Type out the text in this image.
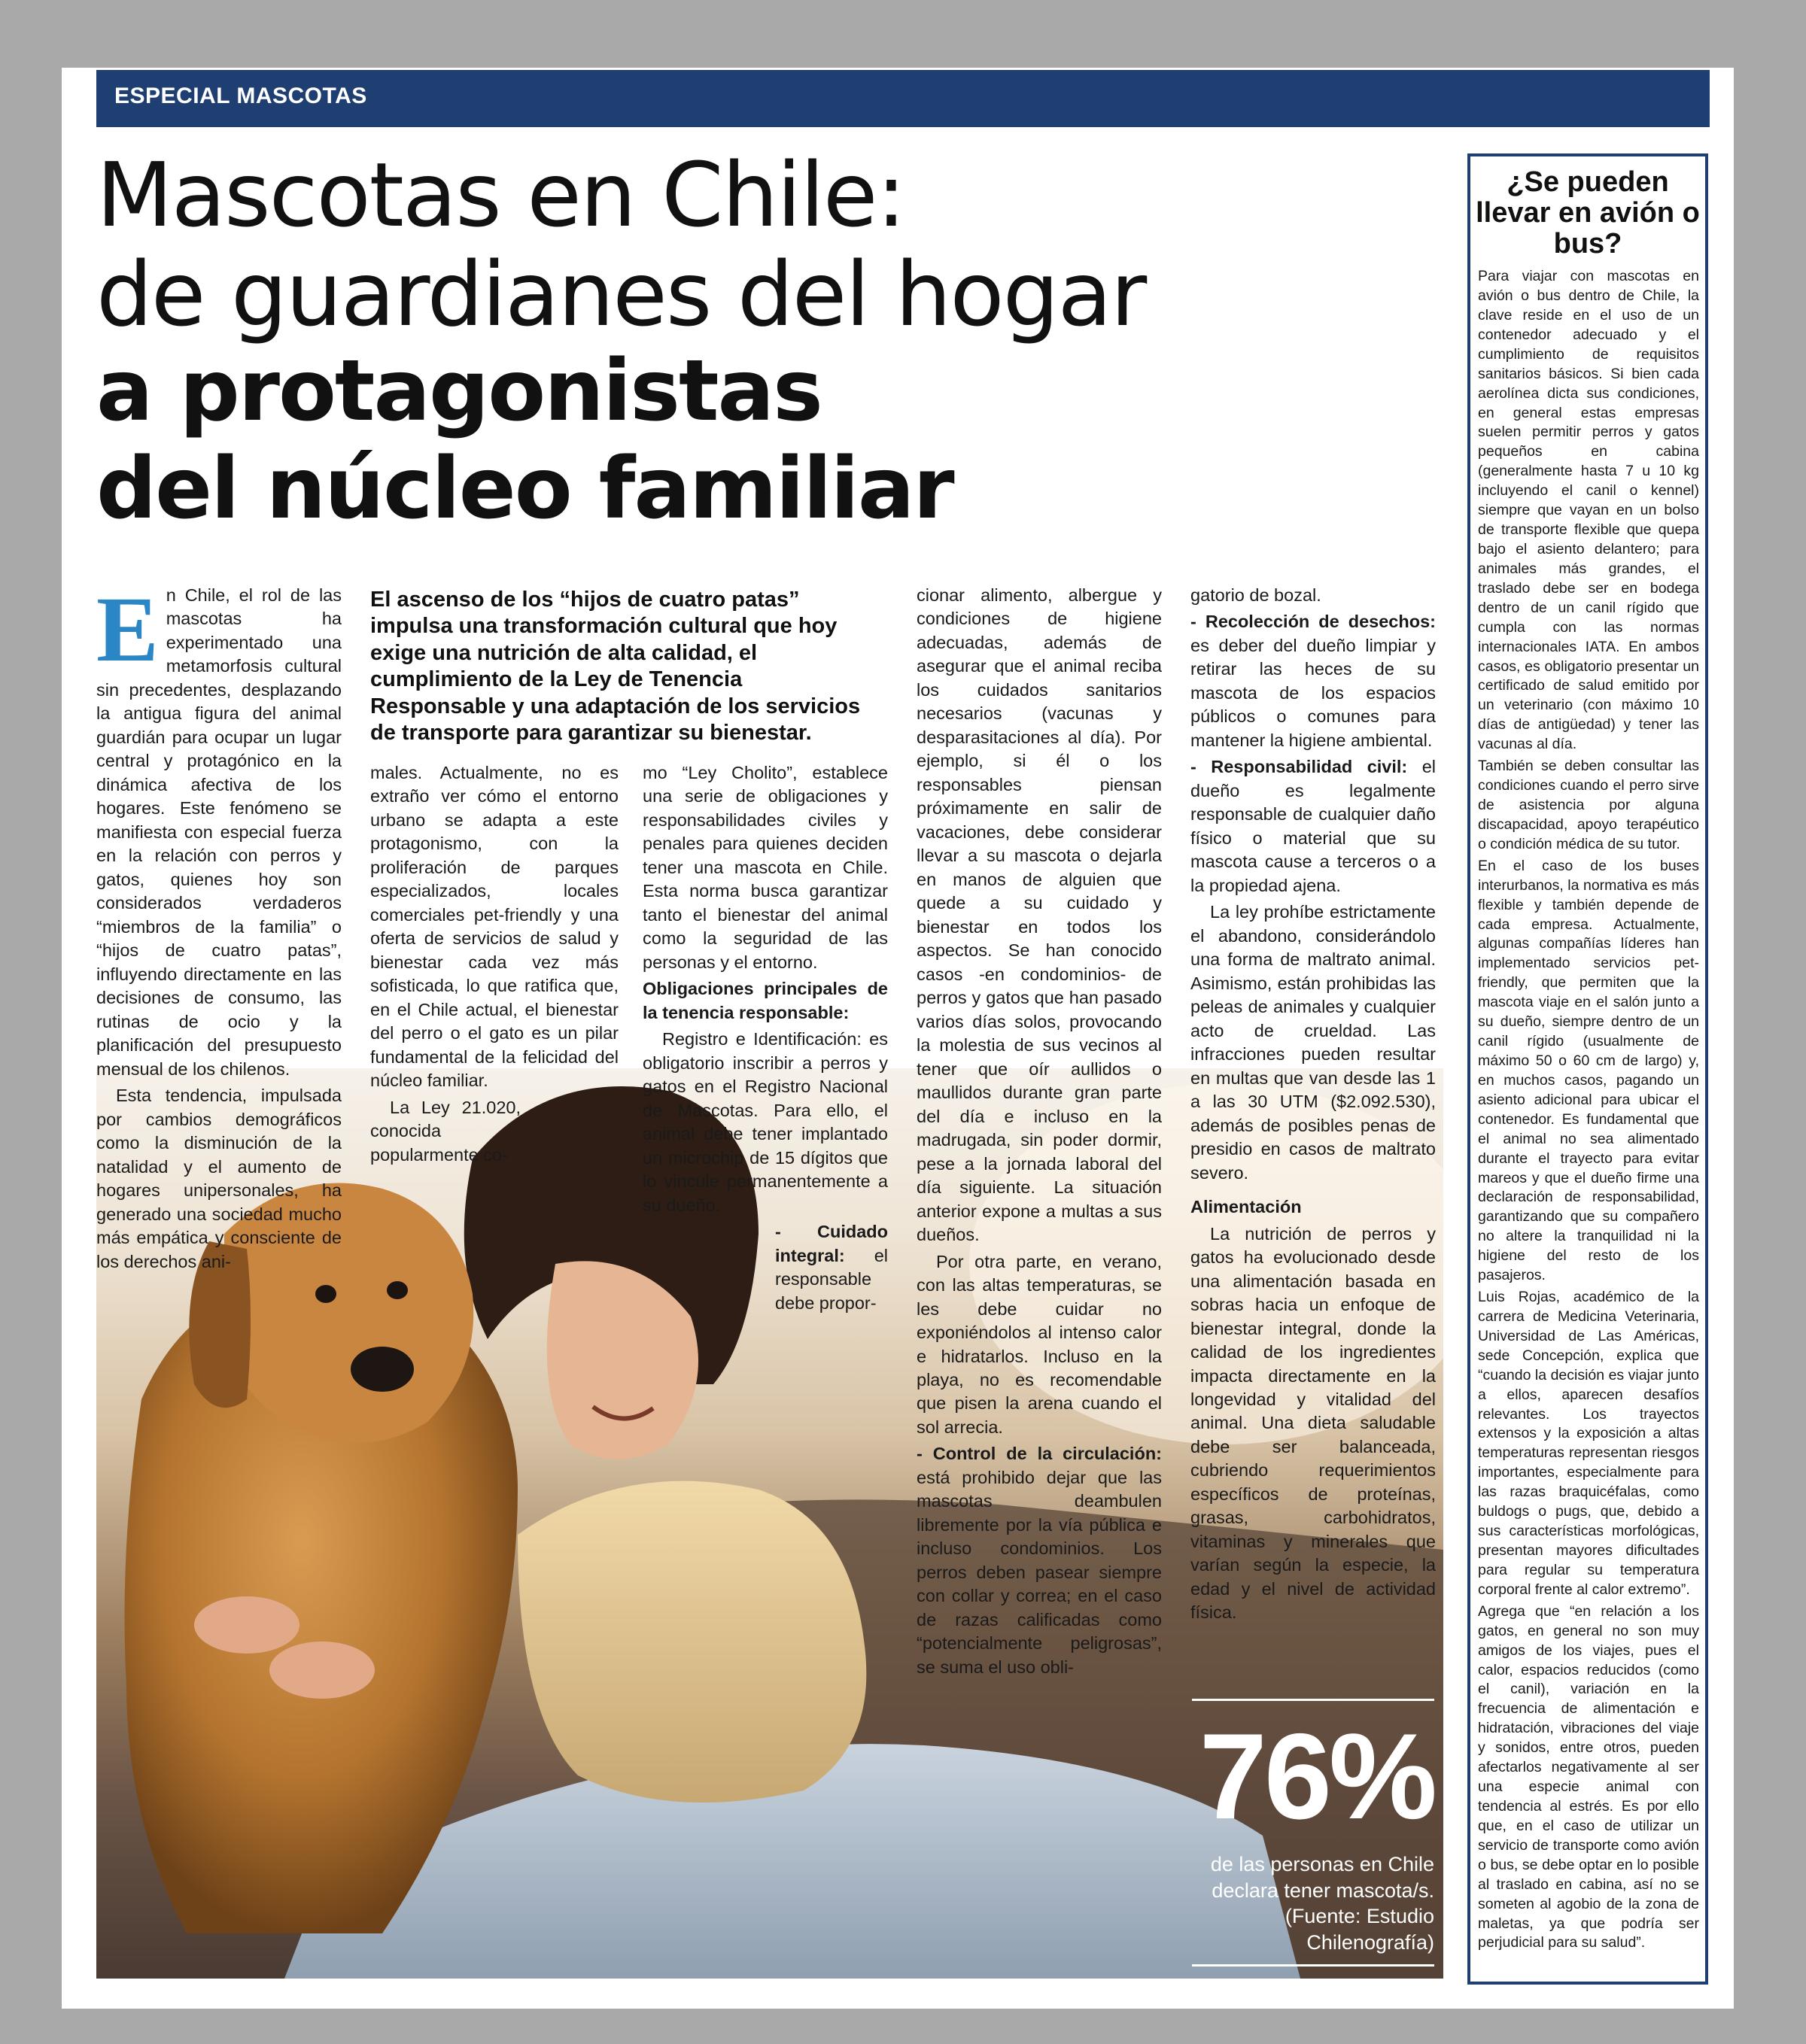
ESPECIAL MASCOTAS
Mascotas en Chile:
de guardianes del hogar
a protagonistas
del núcleo familiar
El ascenso de los “hijos de cuatro patas” impulsa una transformación cultural que hoy exige una nutrición de alta calidad, el cumplimiento de la Ley de Tenencia Responsable y una adaptación de los servicios de transporte para garantizar su bienestar.

En Chile, el rol de las mascotas ha experimentado una metamorfosis cultural sin precedentes, desplazando la antigua figura del animal guardián para ocupar un lugar central y protagónico en la dinámica afectiva de los hogares. Este fenómeno se manifiesta con especial fuerza en la relación con perros y gatos, quienes hoy son considerados verdaderos “miembros de la familia” o “hijos de cuatro patas”, influyendo directamente en las decisiones de consumo, las rutinas de ocio y la planificación del presupuesto mensual de los chilenos.

Esta tendencia, impulsada por cambios demográficos como la disminución de la natalidad y el aumento de hogares unipersonales, ha generado una sociedad mucho más empática y consciente de los derechos ani-

males. Actualmente, no es extraño ver cómo el entorno urbano se adapta a este protagonismo, con la proliferación de parques especializados, locales comerciales pet-friendly y una oferta de servicios de salud y bienestar cada vez más sofisticada, lo que ratifica que, en el Chile actual, el bienestar del perro o el gato es un pilar fundamental de la felicidad del núcleo familiar.

La Ley 21.020, conocida popularmente co-

mo “Ley Cholito”, establece una serie de obligaciones y responsabilidades civiles y penales para quienes deciden tener una mascota en Chile. Esta norma busca garantizar tanto el bienestar del animal como la seguridad de las personas y el entorno.

Obligaciones principales de la tenencia responsable:

Registro e Identificación: es obligatorio inscribir a perros y gatos en el Registro Nacional de Mascotas. Para ello, el animal debe tener implantado un microchip de 15 dígitos que lo vincule permanentemente a su dueño.

- Cuidado integral: el responsable debe propor-

cionar alimento, albergue y condiciones de higiene adecuadas, además de asegurar que el animal reciba los cuidados sanitarios necesarios (vacunas y desparasitaciones al día). Por ejemplo, si él o los responsables piensan próximamente en salir de vacaciones, debe considerar llevar a su mascota o dejarla en manos de alguien que quede a su cuidado y bienestar en todos los aspectos. Se han conocido casos -en condominios- de perros y gatos que han pasado varios días solos, provocando la molestia de sus vecinos al tener que oír aullidos o maullidos durante gran parte del día e incluso en la madrugada, sin poder dormir, pese a la jornada laboral del día siguiente. La situación anterior expone a multas a sus dueños.

Por otra parte, en verano, con las altas temperaturas, se les debe cuidar no exponiéndolos al intenso calor e hidratarlos. Incluso en la playa, no es recomendable que pisen la arena cuando el sol arrecia.

- Control de la circulación: está prohibido dejar que las mascotas deambulen libremente por la vía pública e incluso condominios. Los perros deben pasear siempre con collar y correa; en el caso de razas calificadas como “potencialmente peligrosas”, se suma el uso obli-

gatorio de bozal.

- Recolección de desechos: es deber del dueño limpiar y retirar las heces de su mascota de los espacios públicos o comunes para mantener la higiene ambiental.

- Responsabilidad civil: el dueño es legalmente responsable de cualquier daño físico o material que su mascota cause a terceros o a la propiedad ajena.

La ley prohíbe estrictamente el abandono, considerándolo una forma de maltrato animal. Asimismo, están prohibidas las peleas de animales y cualquier acto de crueldad. Las infracciones pueden resultar en multas que van desde las 1 a las 30 UTM ($2.092.530), además de posibles penas de presidio en casos de maltrato severo.

Alimentación

La nutrición de perros y gatos ha evolucionado desde una alimentación basada en sobras hacia un enfoque de bienestar integral, donde la calidad de los ingredientes impacta directamente en la longevidad y vitalidad del animal. Una dieta saludable debe ser balanceada, cubriendo requerimientos específicos de proteínas, grasas, carbohidratos, vitaminas y minerales que varían según la especie, la edad y el nivel de actividad física.

¿Se pueden llevar en avión o bus?

Para viajar con mascotas en avión o bus dentro de Chile, la clave reside en el uso de un contenedor adecuado y el cumplimiento de requisitos sanitarios básicos. Si bien cada aerolínea dicta sus condiciones, en general estas empresas suelen permitir perros y gatos pequeños en cabina (generalmente hasta 7 u 10 kg incluyendo el canil o kennel) siempre que vayan en un bolso de transporte flexible que quepa bajo el asiento delantero; para animales más grandes, el traslado debe ser en bodega dentro de un canil rígido que cumpla con las normas internacionales IATA. En ambos casos, es obligatorio presentar un certificado de salud emitido por un veterinario (con máximo 10 días de antigüedad) y tener las vacunas al día.

También se deben consultar las condiciones cuando el perro sirve de asistencia por alguna discapacidad, apoyo terapéutico o condición médica de su tutor.

En el caso de los buses interurbanos, la normativa es más flexible y también depende de cada empresa. Actualmente, algunas compañías líderes han implementado servicios pet-friendly, que permiten que la mascota viaje en el salón junto a su dueño, siempre dentro de un canil rígido (usualmente de máximo 50 o 60 cm de largo) y, en muchos casos, pagando un asiento adicional para ubicar el contenedor. Es fundamental que el animal no sea alimentado durante el trayecto para evitar mareos y que el dueño firme una declaración de responsabilidad, garantizando que su compañero no altere la tranquilidad ni la higiene del resto de los pasajeros.

Luis Rojas, académico de la carrera de Medicina Veterinaria, Universidad de Las Américas, sede Concepción, explica que “cuando la decisión es viajar junto a ellos, aparecen desafíos relevantes. Los trayectos extensos y la exposición a altas temperaturas representan riesgos importantes, especialmente para las razas braquicéfalas, como buldogs o pugs, que, debido a sus características morfológicas, presentan mayores dificultades para regular su temperatura corporal frente al calor extremo”.

Agrega que “en relación a los gatos, en general no son muy amigos de los viajes, pues el calor, espacios reducidos (como el canil), variación en la frecuencia de alimentación e hidratación, vibraciones del viaje y sonidos, entre otros, pueden afectarlos negativamente al ser una especie animal con tendencia al estrés. Es por ello que, en el caso de utilizar un servicio de transporte como avión o bus, se debe optar en lo posible al traslado en cabina, así no se someten al agobio de la zona de maletas, ya que podría ser perjudicial para su salud”.

76%
de las personas en Chile declara tener mascota/s. (Fuente: Estudio Chilenografía)
